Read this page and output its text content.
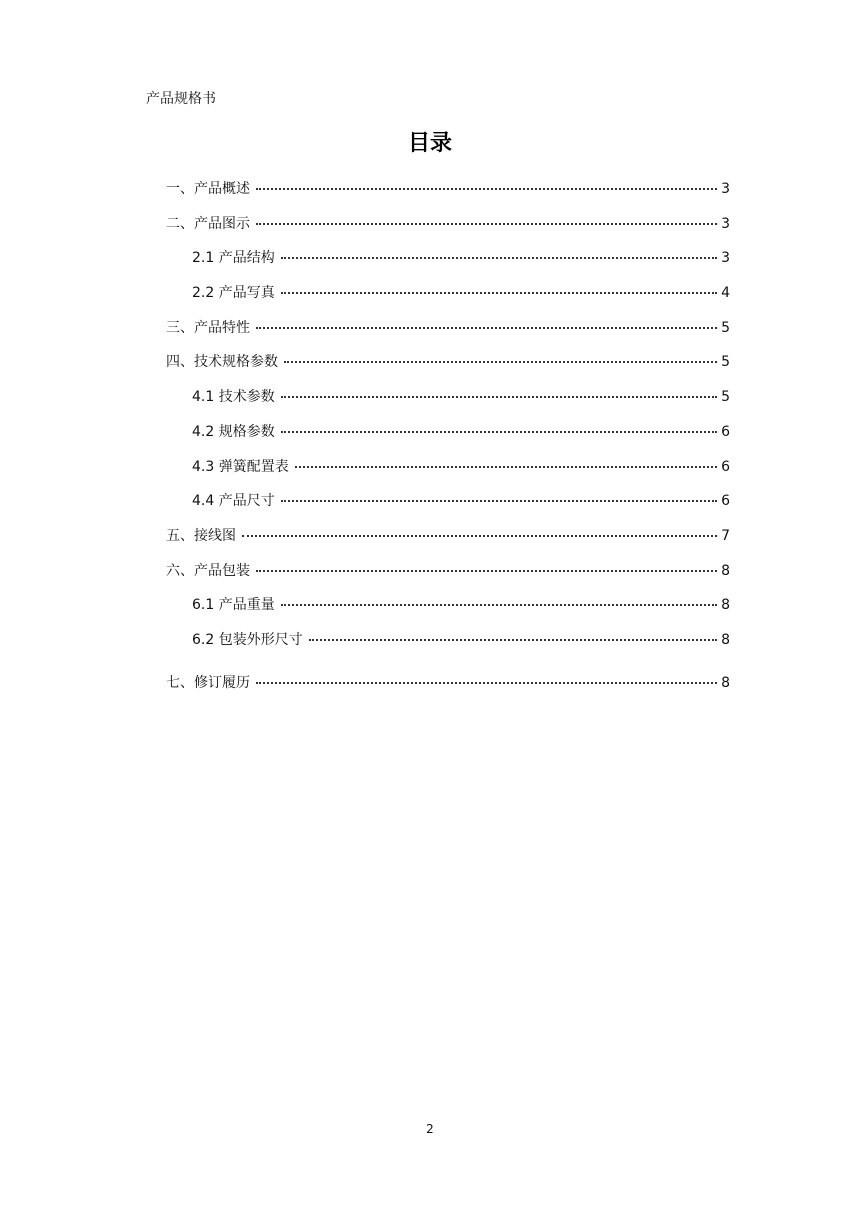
产品规格书
目录
一、产品概述	3
二、产品图示	3
2.1 产品结构	3
2.2 产品写真	4
三、产品特性	5
四、技术规格参数	5
4.1 技术参数	5
4.2 规格参数	6
4.3 弹簧配置表	6
4.4 产品尺寸	6
五、接线图	7
六、产品包装	8
6.1 产品重量	8
6.2 包装外形尺寸	8
七、修订履历	8
2
